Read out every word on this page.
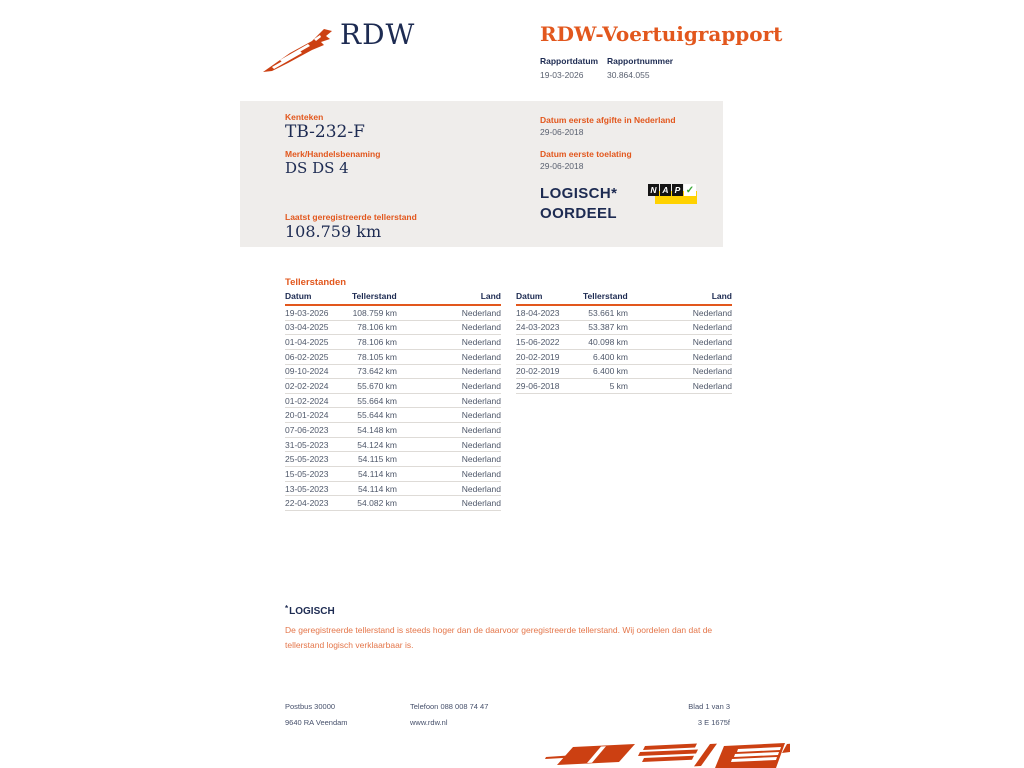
RDW	RDW-Voertuigrapport
Rapportdatum
19-03-2026
Rapportnummer
30.864.055
Kenteken
TB-232-F
Merk/Handelsbenaming
DS DS 4
Laatst geregistreerde tellerstand
108.759 km
Datum eerste afgifte in Nederland
29-06-2018
Datum eerste toelating
29-06-2018
LOGISCH*
OORDEEL
N A P ✓
Tellerstanden
Datum	Tellerstand	Land
19-03-2026	108.759 km	Nederland
03-04-2025	78.106 km	Nederland
01-04-2025	78.106 km	Nederland
06-02-2025	78.105 km	Nederland
09-10-2024	73.642 km	Nederland
02-02-2024	55.670 km	Nederland
01-02-2024	55.664 km	Nederland
20-01-2024	55.644 km	Nederland
07-06-2023	54.148 km	Nederland
31-05-2023	54.124 km	Nederland
25-05-2023	54.115 km	Nederland
15-05-2023	54.114 km	Nederland
13-05-2023	54.114 km	Nederland
22-04-2023	54.082 km	Nederland
Datum	Tellerstand	Land
18-04-2023	53.661 km	Nederland
24-03-2023	53.387 km	Nederland
15-06-2022	40.098 km	Nederland
20-02-2019	6.400 km	Nederland
20-02-2019	6.400 km	Nederland
29-06-2018	5 km	Nederland
*LOGISCH
De geregistreerde tellerstand is steeds hoger dan de daarvoor geregistreerde tellerstand. Wij oordelen dan dat de tellerstand logisch verklaarbaar is.
Postbus 30000
9640 RA Veendam
Telefoon 088 008 74 47
www.rdw.nl
Blad 1 van 3
3 E 1675f
